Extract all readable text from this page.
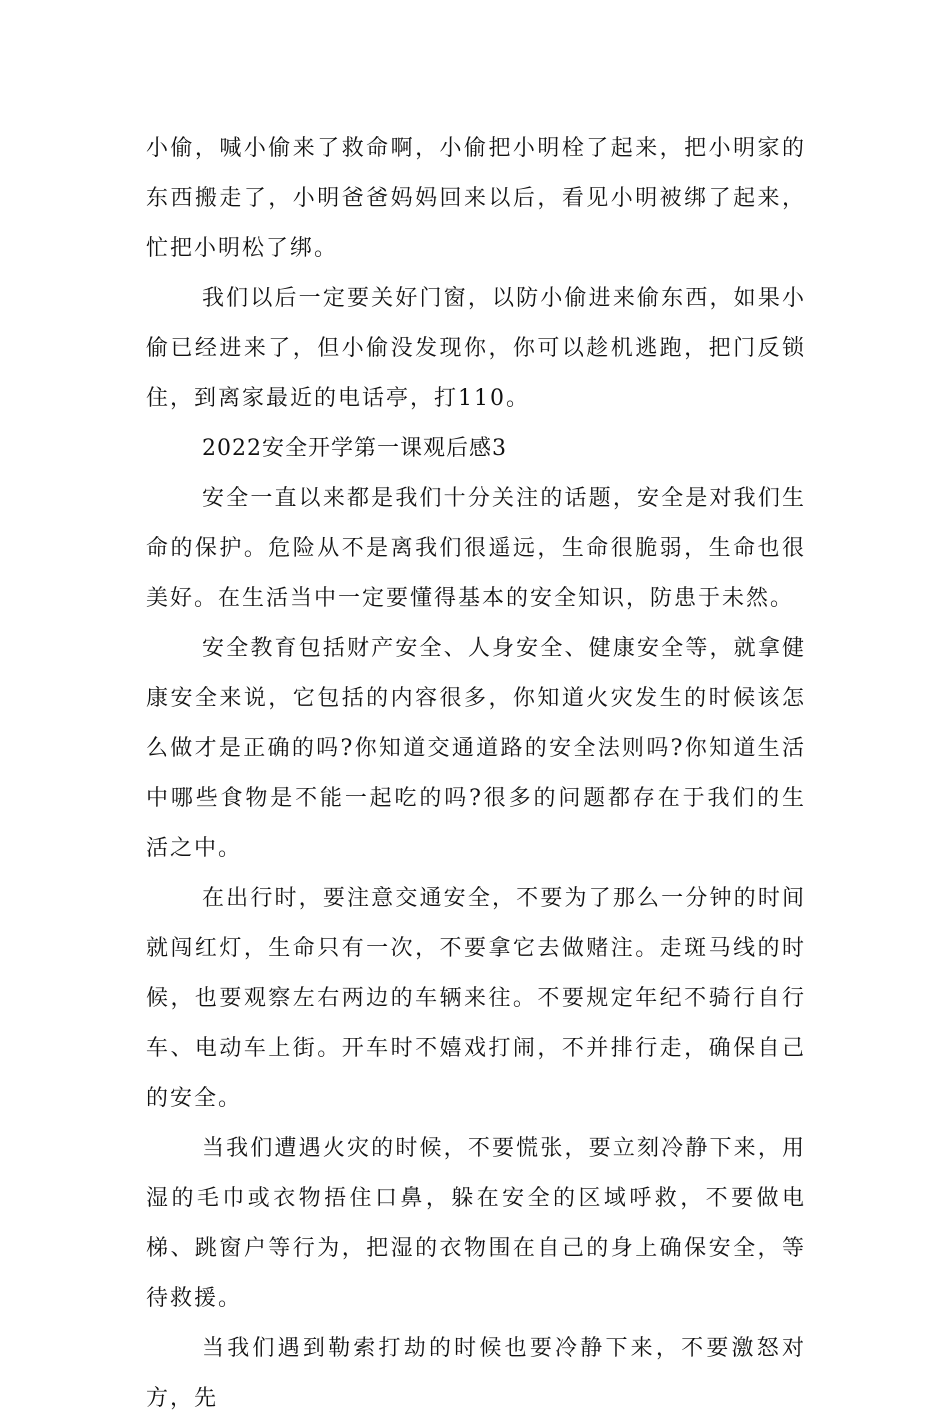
小偷，喊小偷来了救命啊，小偷把小明栓了起来，把小明家的东西搬走了，小明爸爸妈妈回来以后，看见小明被绑了起来，忙把小明松了绑。

我们以后一定要关好门窗，以防小偷进来偷东西，如果小偷已经进来了，但小偷没发现你，你可以趁机逃跑，把门反锁住，到离家最近的电话亭，打110。

2022安全开学第一课观后感3

安全一直以来都是我们十分关注的话题，安全是对我们生命的保护。危险从不是离我们很遥远，生命很脆弱，生命也很美好。在生活当中一定要懂得基本的安全知识，防患于未然。

安全教育包括财产安全、人身安全、健康安全等，就拿健康安全来说，它包括的内容很多，你知道火灾发生的时候该怎么做才是正确的吗?你知道交通道路的安全法则吗?你知道生活中哪些食物是不能一起吃的吗?很多的问题都存在于我们的生活之中。

在出行时，要注意交通安全，不要为了那么一分钟的时间就闯红灯，生命只有一次，不要拿它去做赌注。走斑马线的时候，也要观察左右两边的车辆来往。不要规定年纪不骑行自行车、电动车上街。开车时不嬉戏打闹，不并排行走，确保自己的安全。

当我们遭遇火灾的时候，不要慌张，要立刻冷静下来，用湿的毛巾或衣物捂住口鼻，躲在安全的区域呼救，不要做电梯、跳窗户等行为，把湿的衣物围在自己的身上确保安全，等待救援。

当我们遇到勒索打劫的时候也要冷静下来，不要激怒对方，先
